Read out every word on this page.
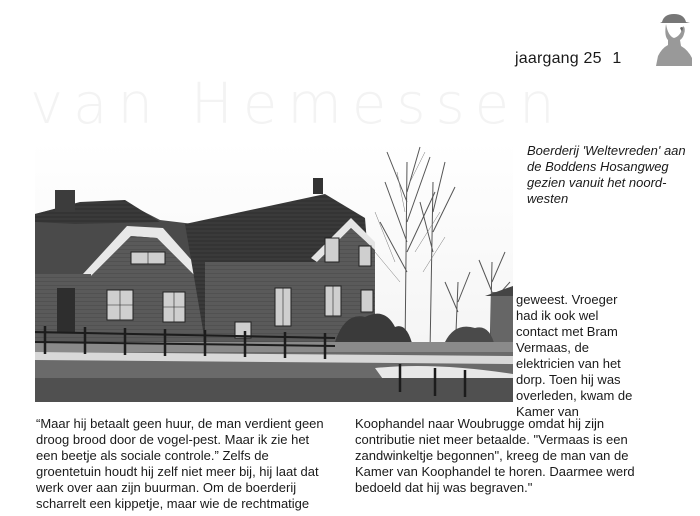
jaargang 25 1
van Hemessen
Boerderij 'Weltevreden' aan de Boddens Hosangweg gezien vanuit het noord-westen
geweest. Vroeger
had ik ook wel
contact met Bram
Vermaas, de
elektricien van het
dorp. Toen hij was
overleden, kwam de
Kamer van
“Maar hij betaalt geen huur, de man verdient geen
droog brood door de vogel-pest. Maar ik zie het
een beetje als sociale controle.” Zelfs de
groentetuin houdt hij zelf niet meer bij, hij laat dat
werk over aan zijn buurman. Om de boerderij
scharrelt een kippetje, maar wie de rechtmatige
Koophandel naar Woubrugge omdat hij zijn
contributie niet meer betaalde. "Vermaas is een
zandwinkeltje begonnen", kreeg de man van de
Kamer van Koophandel te horen. Daarmee werd
bedoeld dat hij was begraven."
